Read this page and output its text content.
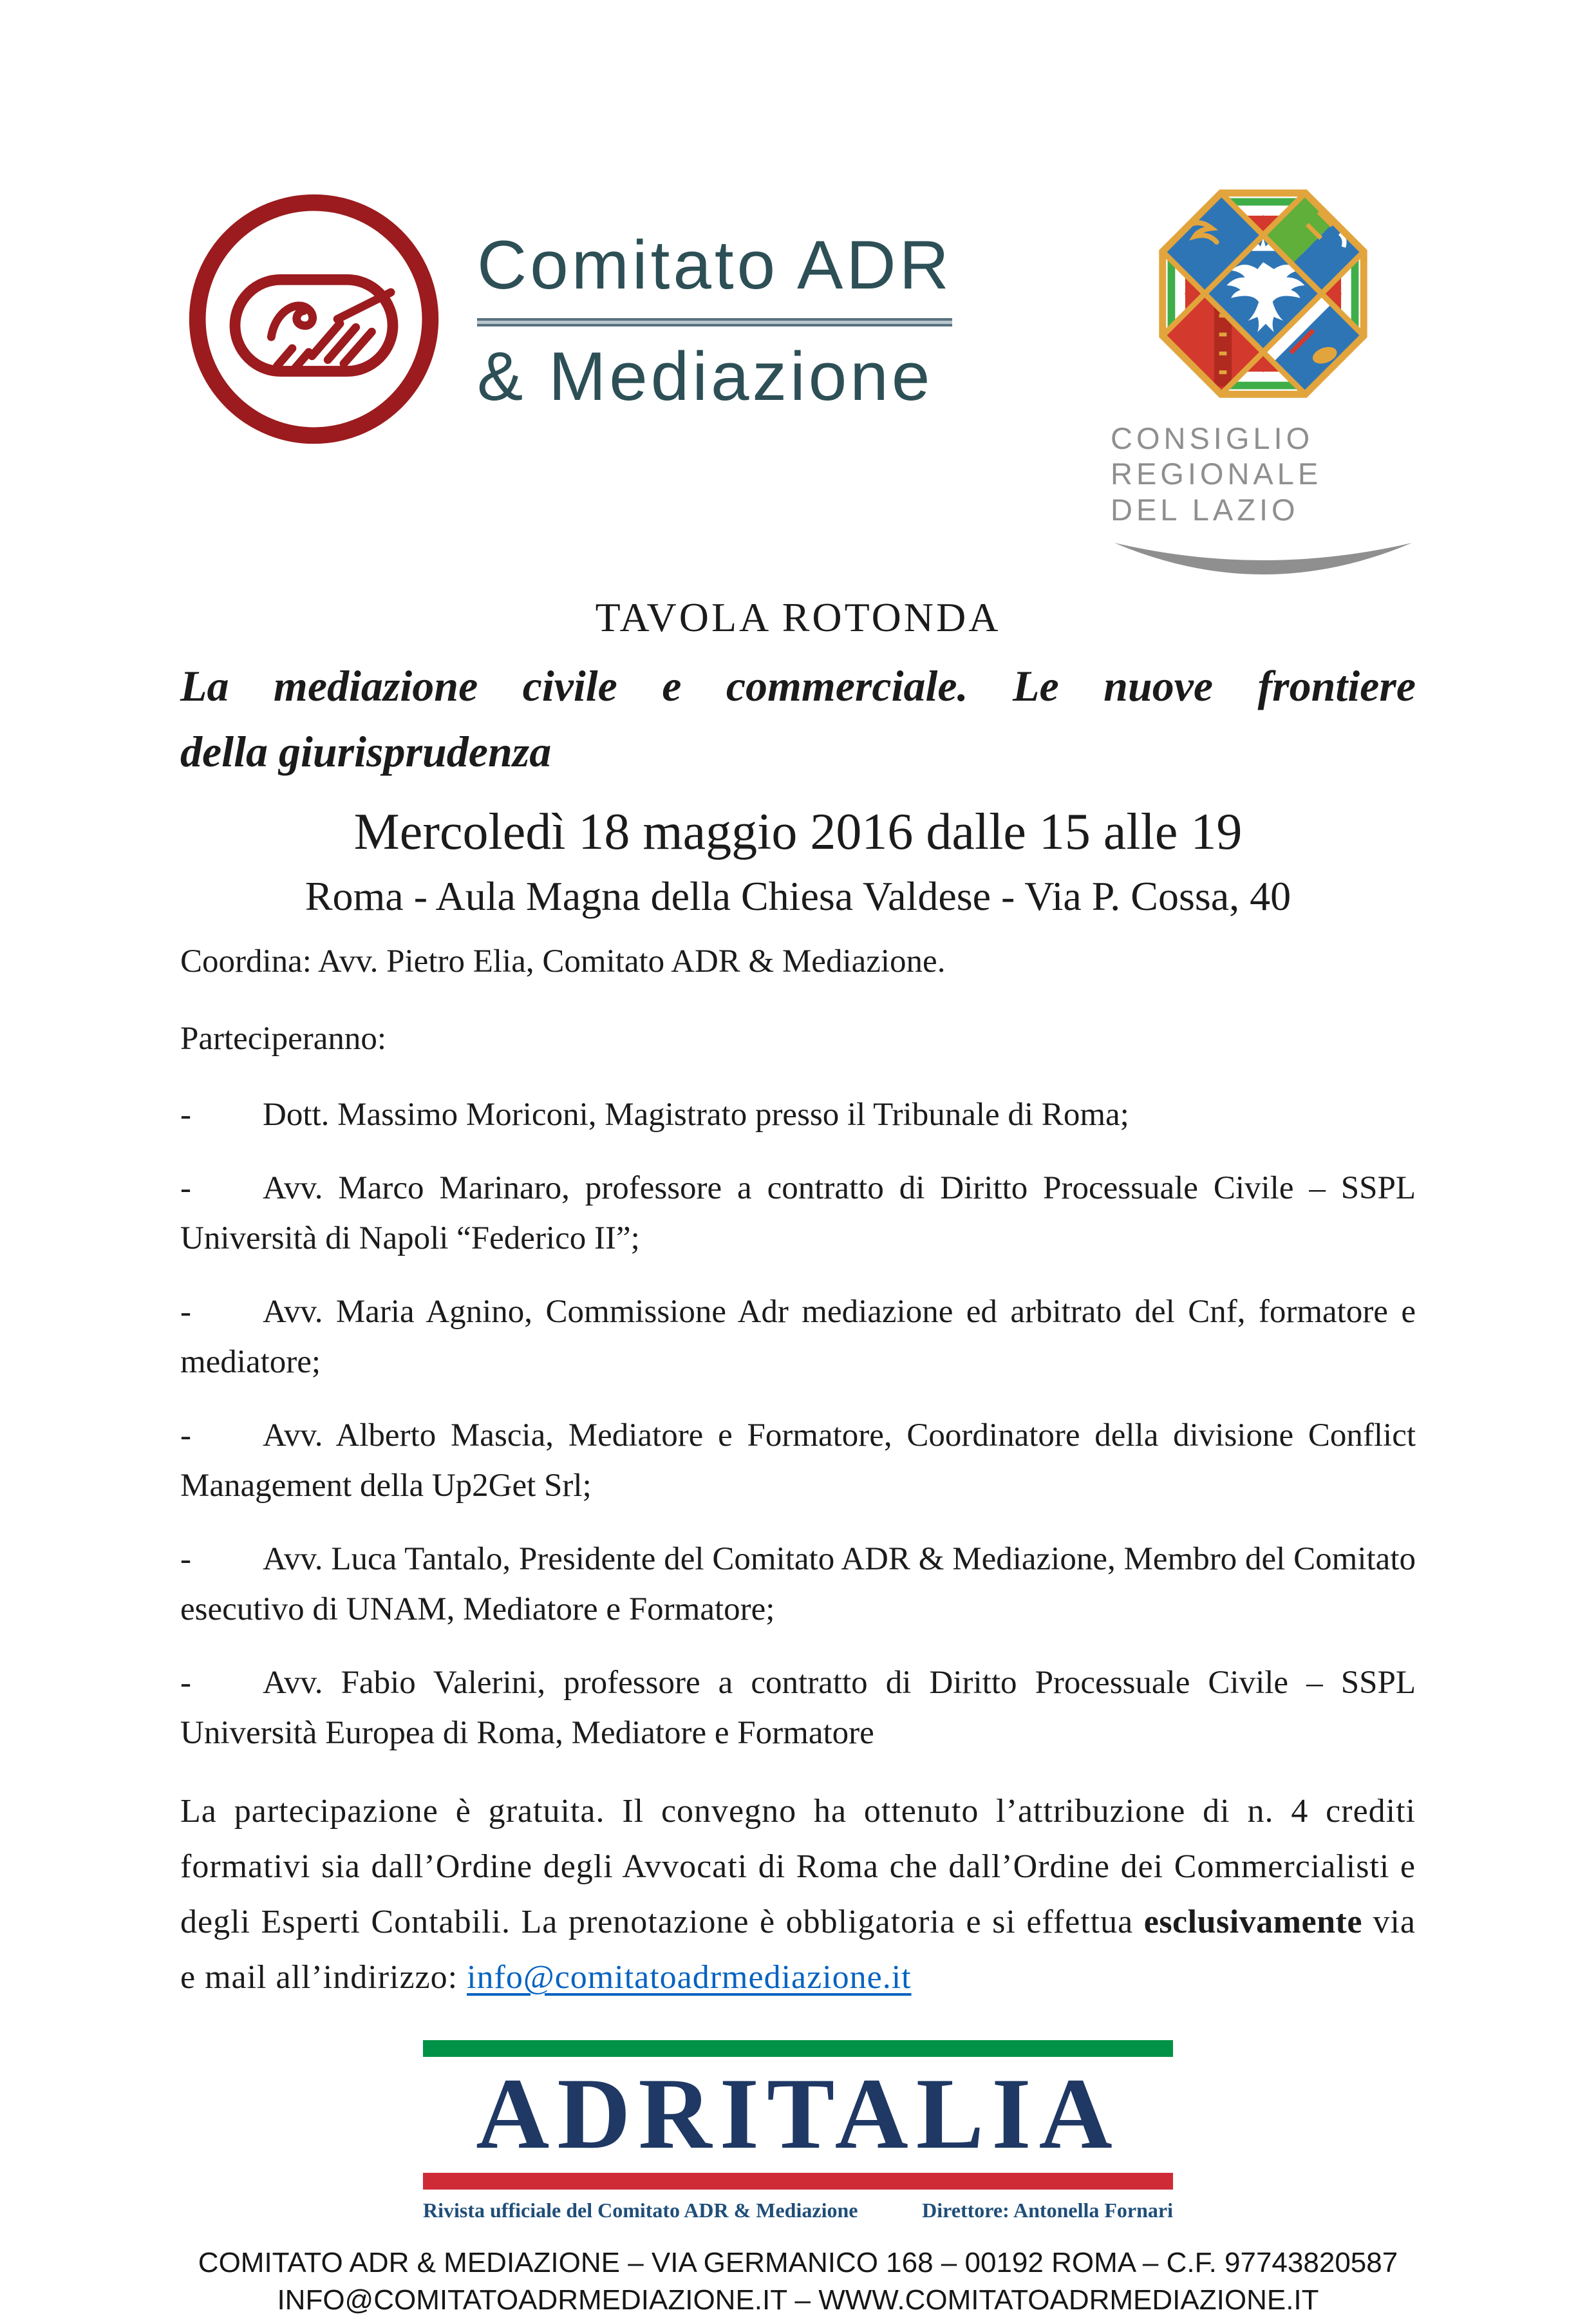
Comitato ADR
& Mediazione
CONSIGLIO
REGIONALE
DEL LAZIO
TAVOLA ROTONDA
La mediazione civile e commerciale. Le nuove frontiere
della giurisprudenza
Mercoledì 18 maggio 2016 dalle 15 alle 19
Roma - Aula Magna della Chiesa Valdese - Via P. Cossa, 40
Coordina: Avv. Pietro Elia, Comitato ADR & Mediazione.
Parteciperanno:

- Dott. Massimo Moriconi, Magistrato presso il Tribunale di Roma;

- Avv. Marco Marinaro, professore a contratto di Diritto Processuale Civile – SSPL Università di Napoli “Federico II”;

- Avv. Maria Agnino, Commissione Adr mediazione ed arbitrato del Cnf, formatore e mediatore;

- Avv. Alberto Mascia, Mediatore e Formatore, Coordinatore della divisione Conflict Management della Up2Get Srl;

- Avv. Luca Tantalo, Presidente del Comitato ADR & Mediazione, Membro del Comitato esecutivo di UNAM, Mediatore e Formatore;

- Avv. Fabio Valerini, professore a contratto di Diritto Processuale Civile – SSPL Università Europea di Roma, Mediatore e Formatore

La partecipazione è gratuita. Il convegno ha ottenuto l’attribuzione di n. 4 crediti formativi sia dall’Ordine degli Avvocati di Roma che dall’Ordine dei Commercialisti e degli Esperti Contabili. La prenotazione è obbligatoria e si effettua esclusivamente via e mail all’indirizzo: info@comitatoadrmediazione.it

ADRITALIA
Rivista ufficiale del Comitato ADR & Mediazione	Direttore: Antonella Fornari
COMITATO ADR & MEDIAZIONE – VIA GERMANICO 168 – 00192 ROMA – C.F. 97743820587
INFO@COMITATOADRMEDIAZIONE.IT – WWW.COMITATOADRMEDIAZIONE.IT
